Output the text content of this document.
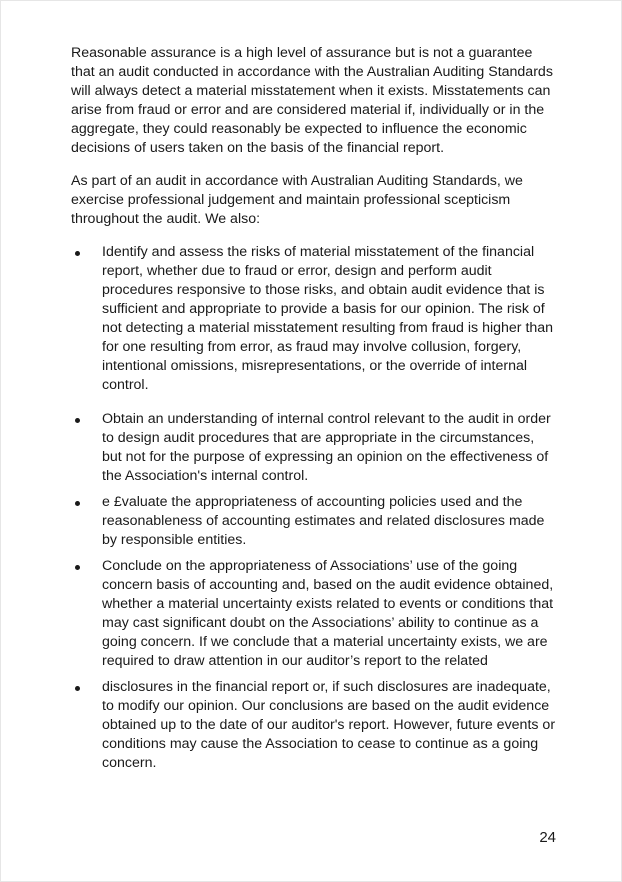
Reasonable assurance is a high level of assurance but is not a guarantee that an audit conducted in accordance with the Australian Auditing Standards will always detect a material misstatement when it exists. Misstatements can arise from fraud or error and are considered material if, individually or in the aggregate, they could reasonably be expected to influence the economic decisions of users taken on the basis of the financial report.

As part of an audit in accordance with Australian Auditing Standards, we exercise professional judgement and maintain professional scepticism throughout the audit. We also:

Identify and assess the risks of material misstatement of the financial report, whether due to fraud or error, design and perform audit procedures responsive to those risks, and obtain audit evidence that is sufficient and appropriate to provide a basis for our opinion. The risk of not detecting a material misstatement resulting from fraud is higher than for one resulting from error, as fraud may involve collusion, forgery, intentional omissions, misrepresentations, or the override of internal control.
Obtain an understanding of internal control relevant to the audit in order to design audit procedures that are appropriate in the circumstances, but not for the purpose of expressing an opinion on the effectiveness of the Association's internal control.
e £valuate the appropriateness of accounting policies used and the reasonableness of accounting estimates and related disclosures made by responsible entities.
Conclude on the appropriateness of Associations’ use of the going concern basis of accounting and, based on the audit evidence obtained, whether a material uncertainty exists related to events or conditions that may cast significant doubt on the Associations’ ability to continue as a going concern. If we conclude that a material uncertainty exists, we are required to draw attention in our auditor’s report to the related
disclosures in the financial report or, if such disclosures are inadequate, to modify our opinion. Our conclusions are based on the audit evidence obtained up to the date of our auditor's report. However, future events or conditions may cause the Association to cease to continue as a going concern.
24
